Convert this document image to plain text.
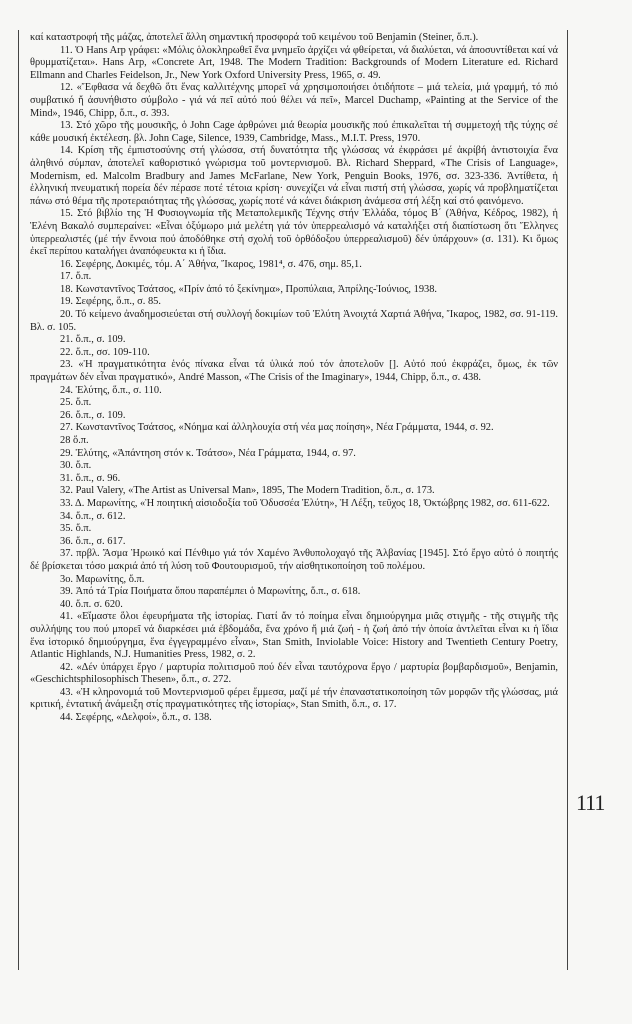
111

καί καταστροφή τῆς μάζας, ἀποτελεῖ ἄλλη σημαντική προσφορά τοῦ κειμένου τοῦ Benjamin (Steiner, ὅ.π.).

11. Ὁ Hans Arp γράφει: «Μόλις ὁλοκληρωθεῖ ἕνα μνημεῖο ἀρχίζει νά φθείρεται, νά διαλύεται, νά ἀποσυντίθεται καί νά θρυμματίζεται». Hans Arp, «Concrete Art, 1948. The Modern Tradition: Backgrounds of Modern Literature ed. Richard Ellmann and Charles Feidelson, Jr., New York Oxford University Press, 1965, σ. 49.

12. «Ἔφθασα νά δεχθῶ ὅτι ἕνας καλλιτέχνης μπορεῖ νά χρησιμοποιήσει ὁτιδήποτε – μιά τελεία, μιά γραμμή, τό πιό συμβατικό ἤ ἀσυνήθιστο σύμβολο - γιά νά πεῖ αὐτό πού θέλει νά πεῖ», Marcel Duchamp, «Painting at the Service of the Mind», 1946, Chipp, ὅ.π., σ. 393.

13. Στό χῶρο τῆς μουσικῆς, ὁ John Cage ἀρθρώνει μιά θεωρία μουσικῆς πού ἐπικαλεῖται τή συμμετοχή τῆς τύχης σέ κάθε μουσική ἐκτέλεση. βλ. John Cage, Silence, 1939, Cambridge, Mass., M.I.T. Press, 1970.

14. Κρίση τῆς ἐμπιστοσύνης στή γλώσσα, στή δυνατότητα τῆς γλώσσας νά ἐκφράσει μέ ἀκρίβή ἀντιστοιχία ἕνα ἀληθινό σύμπαν, ἀποτελεῖ καθοριστικό γνώρισμα τοῦ μοντερνισμοῦ. Βλ. Richard Sheppard, «The Crisis of Language», Modernism, ed. Malcolm Bradbury and James McFarlane, New York, Penguin Books, 1976, σσ. 323-336. Ἀντίθετα, ἡ ἑλληνική πνευματική πορεία δέν πέρασε ποτέ τέτοια κρίση· συνεχίζει νά εἶναι πιστή στή γλώσσα, χωρίς νά προβληματίζεται πάνω στό θέμα τῆς προτεραιότητας τῆς γλώσσας, χωρίς ποτέ νά κάνει διάκριση ἀνάμεσα στή λέξη καί στό φαινόμενο.

15. Στό βιβλίο της Ἡ Φυσιογνωμία τῆς Μεταπολεμικῆς Τέχνης στήν Ἑλλάδα, τόμος Β΄ (Ἀθήνα, Κέδρος, 1982), ἡ Ἑλένη Βακαλό συμπεραίνει: «Εἶναι ὀξύμωρο μιά μελέτη γιά τόν ὑπερρεαλισμό νά καταλήξει στή διαπίστωση ὅτι Ἕλληνες ὑπερρεαλιστές (μέ τήν ἔννοια πού ἀποδόθηκε στή σχολή τοῦ ὀρθόδοξου ὑπερρεαλισμοῦ) δέν ὑπάρχουν» (σ. 131). Κι ὅμως ἐκεῖ περίπου καταλήγει ἀναπόφευκτα κι ἡ ἴδια.

16. Σεφέρης, Δοκιμές, τόμ. Α΄ Ἀθήνα, Ἴκαρος, 1981⁴, σ. 476, σημ. 85,1.

17. ὅ.π.

18. Κωνσταντῖνος Τσάτσος, «Πρίν ἀπό τό ξεκίνημα», Προπύλαια, Ἀπρίλης-Ἰούνιος, 1938.

19. Σεφέρης, ὅ.π., σ. 85.

20. Τό κείμενο ἀναδημοσιεύεται στή συλλογή δοκιμίων τοῦ Ἐλύτη Ἀνοιχτά Χαρτιά Ἀθήνα, Ἴκαρος, 1982, σσ. 91-119. Βλ. σ. 105.

21. ὅ.π., σ. 109.

22. ὅ.π., σσ. 109-110.

23. «Ἡ πραγματικότητα ἑνός πίνακα εἶναι τά ὑλικά πού τόν ἀποτελοῦν []. Αὐτό πού ἐκφράζει, ὅμως, ἐκ τῶν πραγμάτων δέν εἶναι πραγματικό», André Masson, «The Crisis of the Imaginary», 1944, Chipp, ὅ.π., σ. 438.

24. Ἐλύτης, ὅ.π., σ. 110.

25. ὅ.π.

26. ὅ.π., σ. 109.

27. Κωνσταντῖνος Τσάτσος, «Νόημα καί ἀλληλουχία στή νέα μας ποίηση», Νέα Γράμματα, 1944, σ. 92.

28 ὅ.π.

29. Ἐλύτης, «Ἀπάντηση στόν κ. Τσάτσο», Νέα Γράμματα, 1944, σ. 97.

30. ὅ.π.

31. ὅ.π., σ. 96.

32. Paul Valery, «The Artist as Universal Man», 1895, The Modern Tradition, ὅ.π., σ. 173.

33. Δ. Μαρωνίτης, «Ἡ ποιητική αἰσιοδοξία τοῦ Ὀδυσσέα Ἐλύτη», Ἡ Λέξη, τεῦχος 18, Ὀκτώβρης 1982, σσ. 611-622.

34. ὅ.π., σ. 612.

35. ὅ.π.

36. ὅ.π., σ. 617.

37. πρβλ. Ἄσμα Ἡρωικό καί Πένθιμο γιά τόν Χαμένο Ἀνθυπολοχαγό τῆς Ἀλβανίας [1945]. Στό ἔργο αὐτό ὁ ποιητής δέ βρίσκεται τόσο μακριά ἀπό τή λύση τοῦ Φουτουρισμοῦ, τήν αἰσθητικοποίηση τοῦ πολέμου.

3ο. Μαρωνίτης, ὅ.π.

39. Ἀπό τά Τρία Ποιήματα ὅπου παραπέμπει ὁ Μαρωνίτης, ὅ.π., σ. 618.

40. ὅ.π. σ. 620.

41. «Εἴμαστε ὅλοι ἐφευρήματα τῆς ἱστορίας. Γιατί ἄν τό ποίημα εἶναι δημιούργημα μιᾶς στιγμῆς - τῆς στιγμῆς τῆς συλλήψης του πού μπορεῖ νά διαρκέσει μιά ἑβδομάδα, ἕνα χρόνο ἤ μιά ζωή - ἡ ζωή ἀπό τήν ὁποία ἀντλεῖται εἶναι κι ἡ ἴδια ἕνα ἱστορικό δημιούργημα, ἕνα ἐγγεγραμμένο εἶναι», Stan Smith, Inviolable Voice: History and Twentieth Century Poetry, Atlantic Highlands, N.J. Humanities Press, 1982, σ. 2.

42. «Δέν ὑπάρχει ἔργο / μαρτυρία πολιτισμοῦ πού δέν εἶναι ταυτόχρονα ἔργο / μαρτυρία βομβαρδισμοῦ», Benjamin, «Geschichtsphilosophisch Thesen», ὅ.π., σ. 272.

43. «Ἡ κληρονομιά τοῦ Μοντερνισμοῦ φέρει ἔμμεσα, μαζί μέ τήν ἐπαναστατικοποίηση τῶν μορφῶν τῆς γλώσσας, μιά κριτική, ἐντατική ἀνάμειξη στίς πραγματικότητες τῆς ἱστορίας», Stan Smith, ὅ.π., σ. 17.

44. Σεφέρης, «Δελφοί», ὅ.π., σ. 138.
